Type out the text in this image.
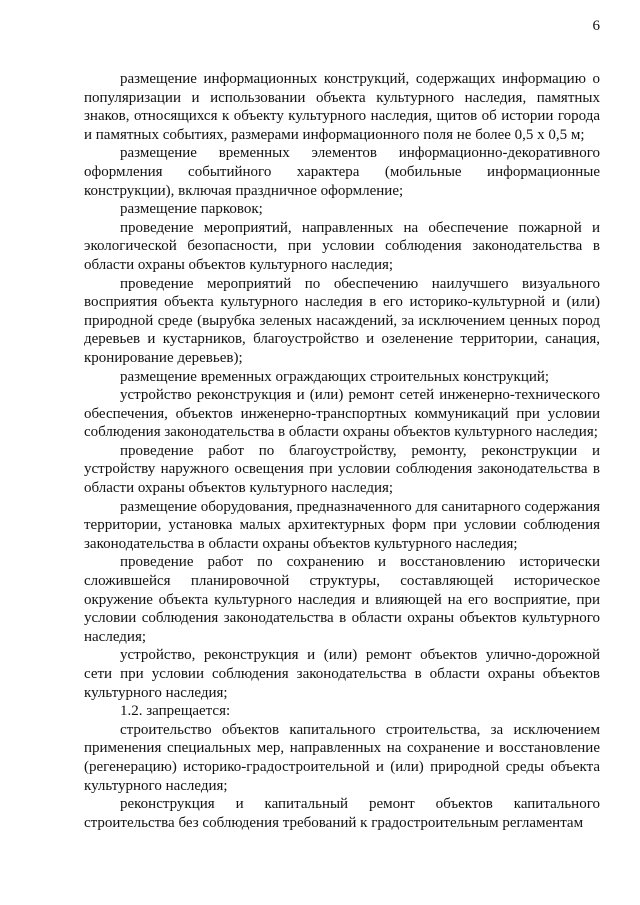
6

размещение информационных конструкций, содержащих информацию о популяризации и использовании объекта культурного наследия, памятных знаков, относящихся к объекту культурного наследия, щитов об истории города и памятных событиях, размерами информационного поля не более 0,5 х 0,5 м;

размещение временных элементов информационно-декоративного оформления событийного характера (мобильные информационные конструкции), включая праздничное оформление;

размещение парковок;

проведение мероприятий, направленных на обеспечение пожарной и экологической безопасности, при условии соблюдения законодательства в области охраны объектов культурного наследия;

проведение мероприятий по обеспечению наилучшего визуального восприятия объекта культурного наследия в его историко-культурной и (или) природной среде (вырубка зеленых насаждений, за исключением ценных пород деревьев и кустарников, благоустройство и озеленение территории, санация, кронирование деревьев);

размещение временных ограждающих строительных конструкций;

устройство реконструкция и (или) ремонт сетей инженерно-технического обеспечения, объектов инженерно-транспортных коммуникаций при условии соблюдения законодательства в области охраны объектов культурного наследия;

проведение работ по благоустройству, ремонту, реконструкции и устройству наружного освещения при условии соблюдения законодательства в области охраны объектов культурного наследия;

размещение оборудования, предназначенного для санитарного содержания территории, установка малых архитектурных форм при условии соблюдения законодательства в области охраны объектов культурного наследия;

проведение работ по сохранению и восстановлению исторически сложившейся планировочной структуры, составляющей историческое окружение объекта культурного наследия и влияющей на его восприятие, при условии соблюдения законодательства в области охраны объектов культурного наследия;

устройство, реконструкция и (или) ремонт объектов улично-дорожной сети при условии соблюдения законодательства в области охраны объектов культурного наследия;

1.2. запрещается:

строительство объектов капитального строительства, за исключением применения специальных мер, направленных на сохранение и восстановление (регенерацию) историко-градостроительной и (или) природной среды объекта культурного наследия;

реконструкция и капитальный ремонт объектов капитального строительства без соблюдения требований к градостроительным регламентам
